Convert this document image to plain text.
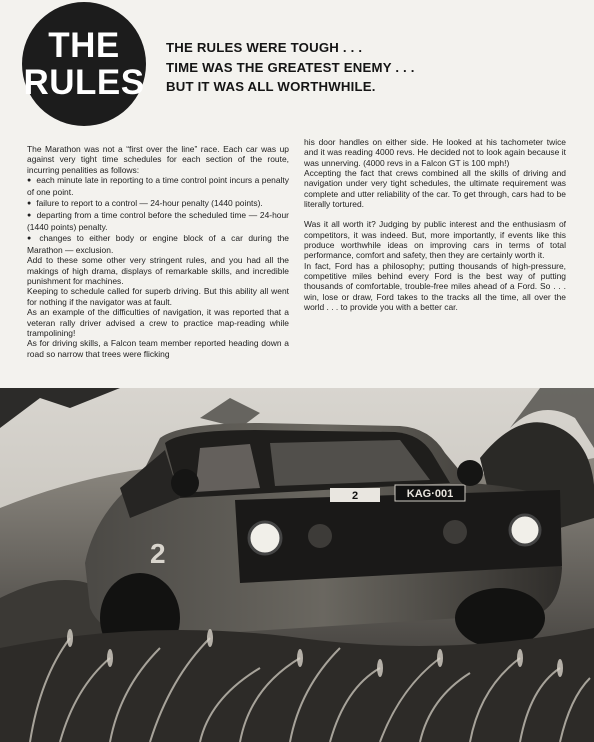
THE
RULES
THE RULES WERE TOUGH . . .
TIME WAS THE GREATEST ENEMY . . .
BUT IT WAS ALL WORTHWHILE.

The Marathon was not a “first over the line” race. Each car was up against very tight time schedules for each section of the route, incurring penalities as follows:

● each minute late in reporting to a time control point incurs a penalty of one point.

● failure to report to a control — 24-hour penalty (1440 points).

● departing from a time control before the scheduled time — 24-hour (1440 points) penalty.

● changes to either body or engine block of a car during the Marathon — exclusion.

Add to these some other very stringent rules, and you had all the makings of high drama, displays of remarkable skills, and incredible punishment for machines.

Keeping to schedule called for superb driving. But this ability all went for nothing if the navigator was at fault.

As an example of the difficulties of navigation, it was reported that a veteran rally driver advised a crew to practice map-reading while trampolining!

As for driving skills, a Falcon team member reported heading down a road so narrow that trees were flicking

his door handles on either side. He looked at his tachometer twice and it was reading 4000 revs. He decided not to look again because it was unnerving. (4000 revs in a Falcon GT is 100 mph!)

Accepting the fact that crews combined all the skills of driving and navigation under very tight schedules, the ultimate requirement was complete and utter reliability of the car. To get through, cars had to be literally tortured.

Was it all worth it? Judging by public interest and the enthusiasm of competitors, it was indeed. But, more importantly, if events like this produce worthwhile ideas on improving cars in terms of total performance, comfort and safety, then they are certainly worth it.

In fact, Ford has a philosophy; putting thousands of high-pressure, competitive miles behind every Ford is the best way of putting thousands of comfortable, trouble-free miles ahead of a Ford. So . . . win, lose or draw, Ford takes to the tracks all the time, all over the world . . . to provide you with a better car.

KAG·001
2
2
